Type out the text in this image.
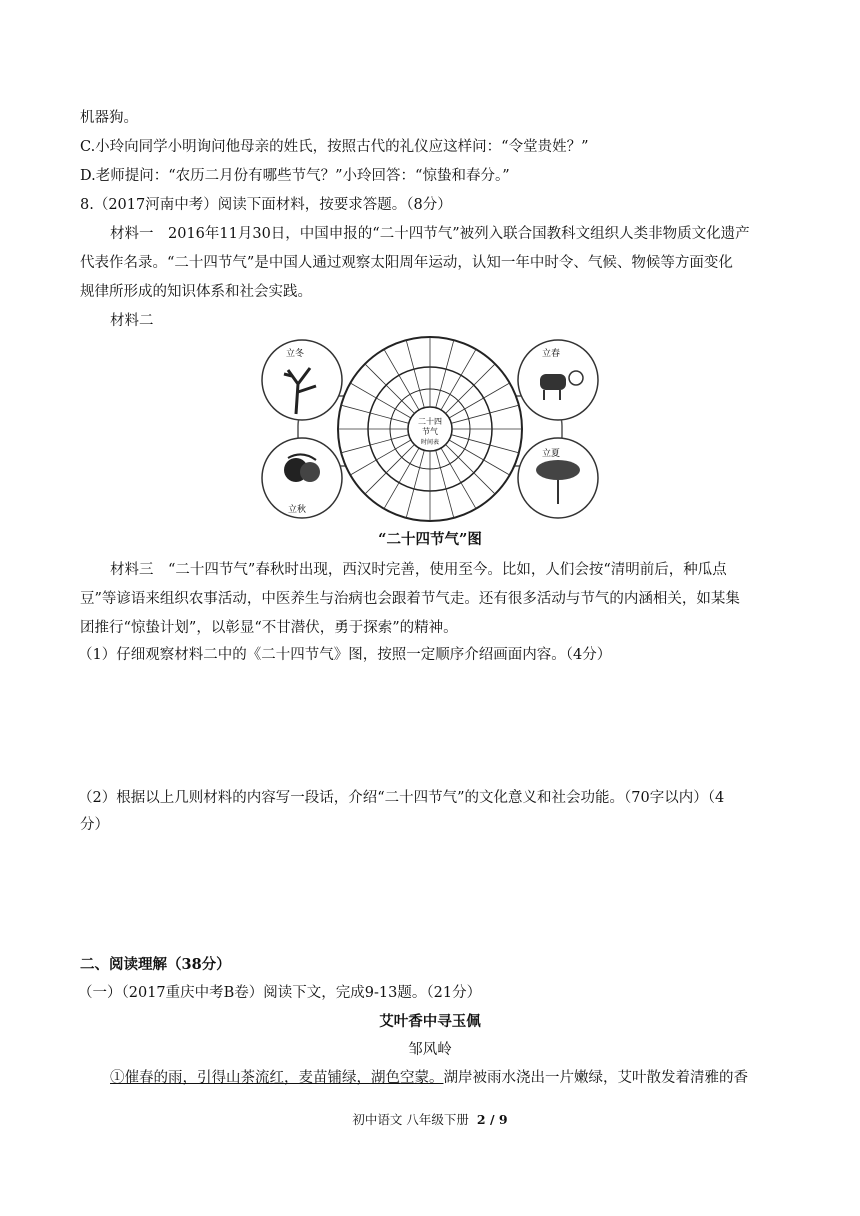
机器狗。
C.小玲向同学小明询问他母亲的姓氏，按照古代的礼仪应这样问：“令堂贵姓？”
D.老师提问：“农历二月份有哪些节气？”小玲回答：“惊蛰和春分。”
8.（2017河南中考）阅读下面材料，按要求答题。（8分）
材料一　2016年11月30日，中国申报的“二十四节气”被列入联合国教科文组织人类非物质文化遗产
代表作名录。“二十四节气”是中国人通过观察太阳周年运动，认知一年中时令、气候、物候等方面变化
规律所形成的知识体系和社会实践。
材料二
立冬	立春
立秋
立夏
二十四
节气
时间表
“二十四节气”图
材料三　“二十四节气”春秋时出现，西汉时完善，使用至今。比如，人们会按“清明前后，种瓜点
豆”等谚语来组织农事活动，中医养生与治病也会跟着节气走。还有很多活动与节气的内涵相关，如某集
团推行“惊蛰计划”，以彰显“不甘潜伏，勇于探索”的精神。
（1）仔细观察材料二中的《二十四节气》图，按照一定顺序介绍画面内容。（4分）
（2）根据以上几则材料的内容写一段话，介绍“二十四节气”的文化意义和社会功能。（70字以内）（4
分）
二、阅读理解（38分）
（一）（2017重庆中考B卷）阅读下文，完成9-13题。（21分）
艾叶香中寻玉佩
邹风岭
①催春的雨，引得山茶流红，麦苗铺绿，湖色空蒙。湖岸被雨水浇出一片嫩绿，艾叶散发着清雅的香
初中语文 八年级下册 2 / 9
